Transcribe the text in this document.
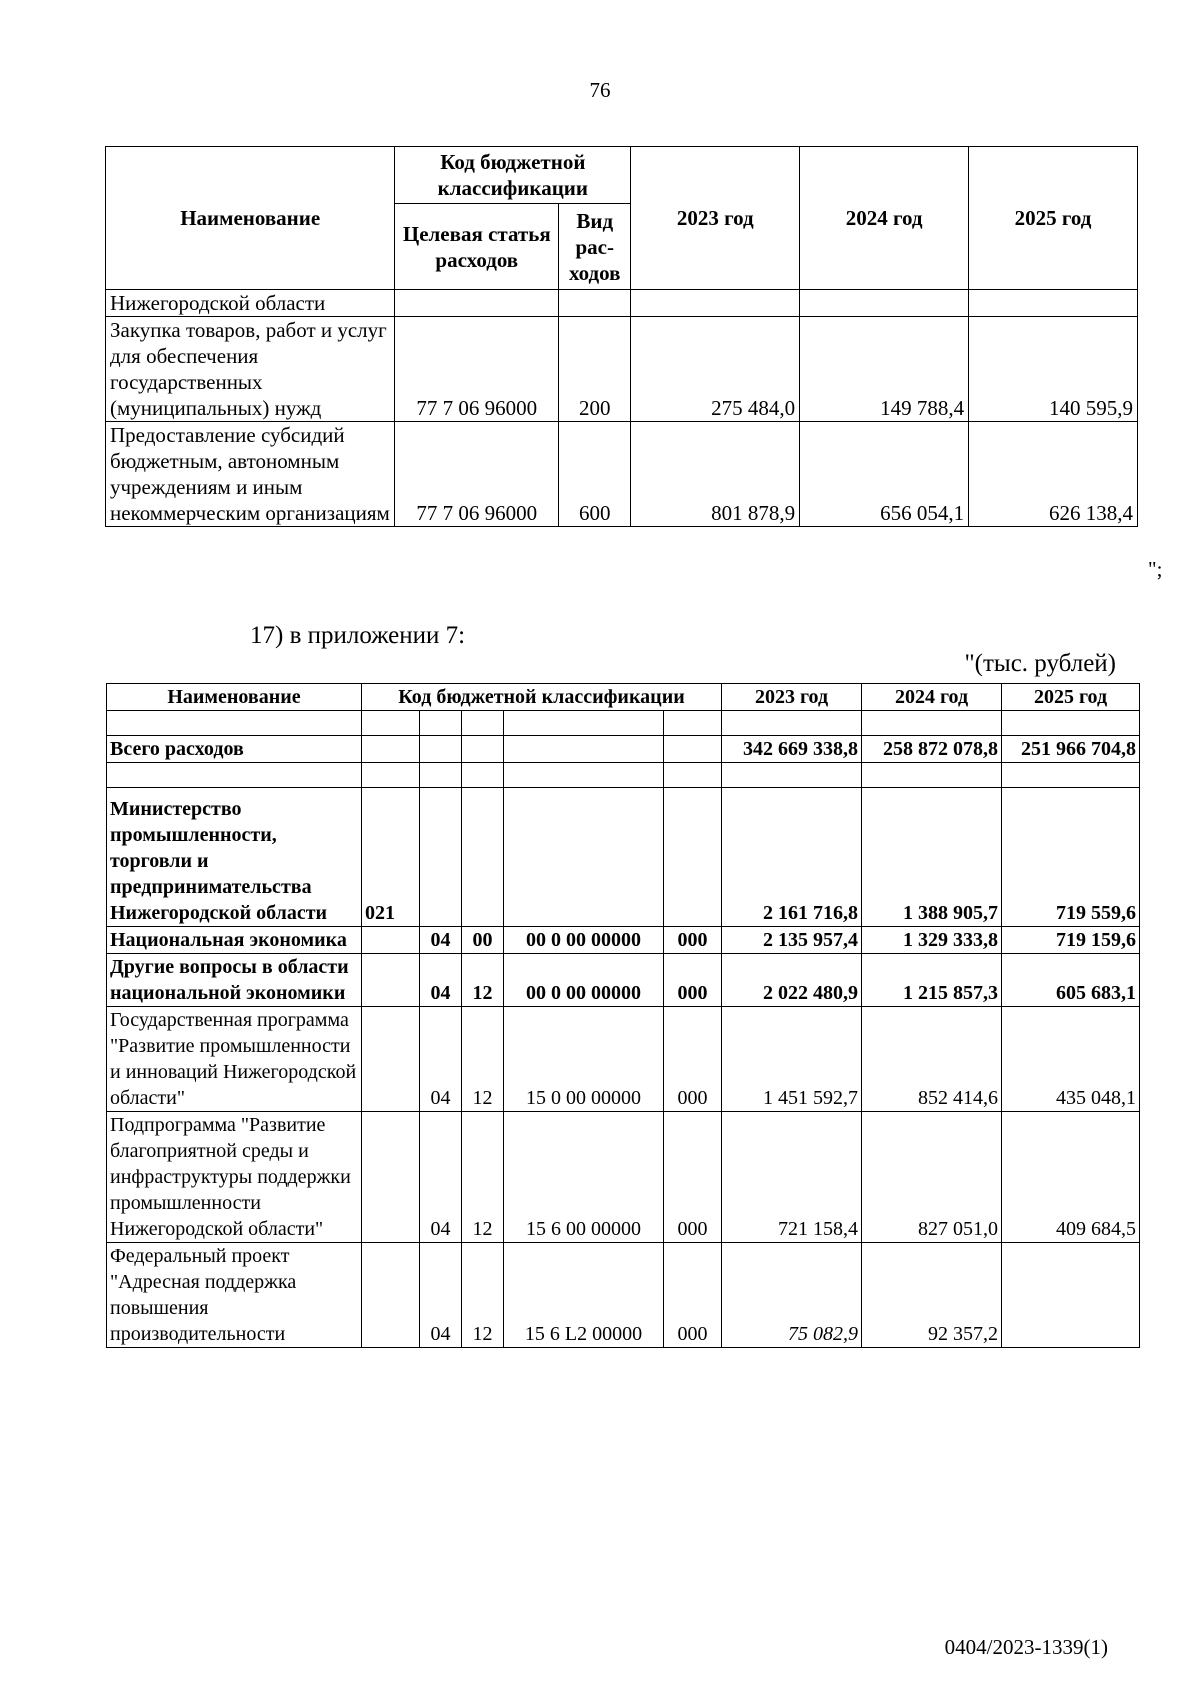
76
Наименование	Код бюджетной классификации		2023 год	2024 год	2025 год
	Целевая статья расходов	Вид рас-ходов			
Нижегородской области					
Закупка товаров, работ и услуг для обеспечения государственных (муниципальных) нужд	77 7 06 96000	200	275 484,0	149 788,4	140 595,9
Предоставление субсидий бюджетным, автономным учреждениям и иным некоммерческим организациям	77 7 06 96000	600	801 878,9	656 054,1	626 138,4
";
17) в приложении 7:
"(тыс. рублей)
Наименование	Код бюджетной классификации					2023 год	2024 год	2025 год

Всего расходов						342 669 338,8	258 872 078,8	251 966 704,8

Министерство промышленности, торговли и предпринимательства Нижегородской области	021					2 161 716,8	1 388 905,7	719 559,6
Национальная экономика		04	00	00 0 00 00000	000	2 135 957,4	1 329 333,8	719 159,6
Другие вопросы в области национальной экономики		04	12	00 0 00 00000	000	2 022 480,9	1 215 857,3	605 683,1
Государственная программа "Развитие промышленности и инноваций Нижегородской области"		04	12	15 0 00 00000	000	1 451 592,7	852 414,6	435 048,1
Подпрограмма "Развитие благоприятной среды и инфраструктуры поддержки промышленности Нижегородской области"		04	12	15 6 00 00000	000	721 158,4	827 051,0	409 684,5
Федеральный проект "Адресная поддержка повышения производительности		04	12	15 6 L2 00000	000	75 082,9	92 357,2	
0404/2023-1339(1)
